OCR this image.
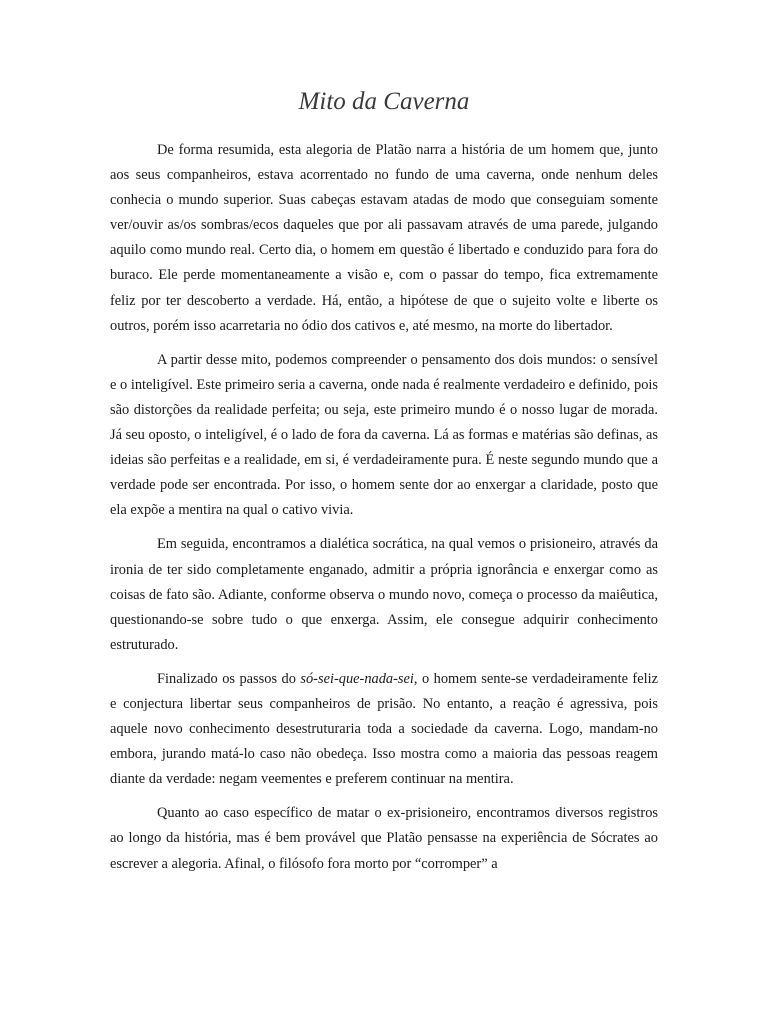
Mito da Caverna

De forma resumida, esta alegoria de Platão narra a história de um homem que, junto aos seus companheiros, estava acorrentado no fundo de uma caverna, onde nenhum deles conhecia o mundo superior. Suas cabeças estavam atadas de modo que conseguiam somente ver/ouvir as/os sombras/ecos daqueles que por ali passavam através de uma parede, julgando aquilo como mundo real. Certo dia, o homem em questão é libertado e conduzido para fora do buraco. Ele perde momentaneamente a visão e, com o passar do tempo, fica extremamente feliz por ter descoberto a verdade. Há, então, a hipótese de que o sujeito volte e liberte os outros, porém isso acarretaria no ódio dos cativos e, até mesmo, na morte do libertador.

A partir desse mito, podemos compreender o pensamento dos dois mundos: o sensível e o inteligível. Este primeiro seria a caverna, onde nada é realmente verdadeiro e definido, pois são distorções da realidade perfeita; ou seja, este primeiro mundo é o nosso lugar de morada. Já seu oposto, o inteligível, é o lado de fora da caverna. Lá as formas e matérias são definas, as ideias são perfeitas e a realidade, em si, é verdadeiramente pura. É neste segundo mundo que a verdade pode ser encontrada. Por isso, o homem sente dor ao enxergar a claridade, posto que ela expõe a mentira na qual o cativo vivia.

Em seguida, encontramos a dialética socrática, na qual vemos o prisioneiro, através da ironia de ter sido completamente enganado, admitir a própria ignorância e enxergar como as coisas de fato são. Adiante, conforme observa o mundo novo, começa o processo da maiêutica, questionando-se sobre tudo o que enxerga. Assim, ele consegue adquirir conhecimento estruturado.

Finalizado os passos do só-sei-que-nada-sei, o homem sente-se verdadeiramente feliz e conjectura libertar seus companheiros de prisão. No entanto, a reação é agressiva, pois aquele novo conhecimento desestruturaria toda a sociedade da caverna. Logo, mandam-no embora, jurando matá-lo caso não obedeça. Isso mostra como a maioria das pessoas reagem diante da verdade: negam veementes e preferem continuar na mentira.

Quanto ao caso específico de matar o ex-prisioneiro, encontramos diversos registros ao longo da história, mas é bem provável que Platão pensasse na experiência de Sócrates ao escrever a alegoria. Afinal, o filósofo fora morto por “corromper” a
